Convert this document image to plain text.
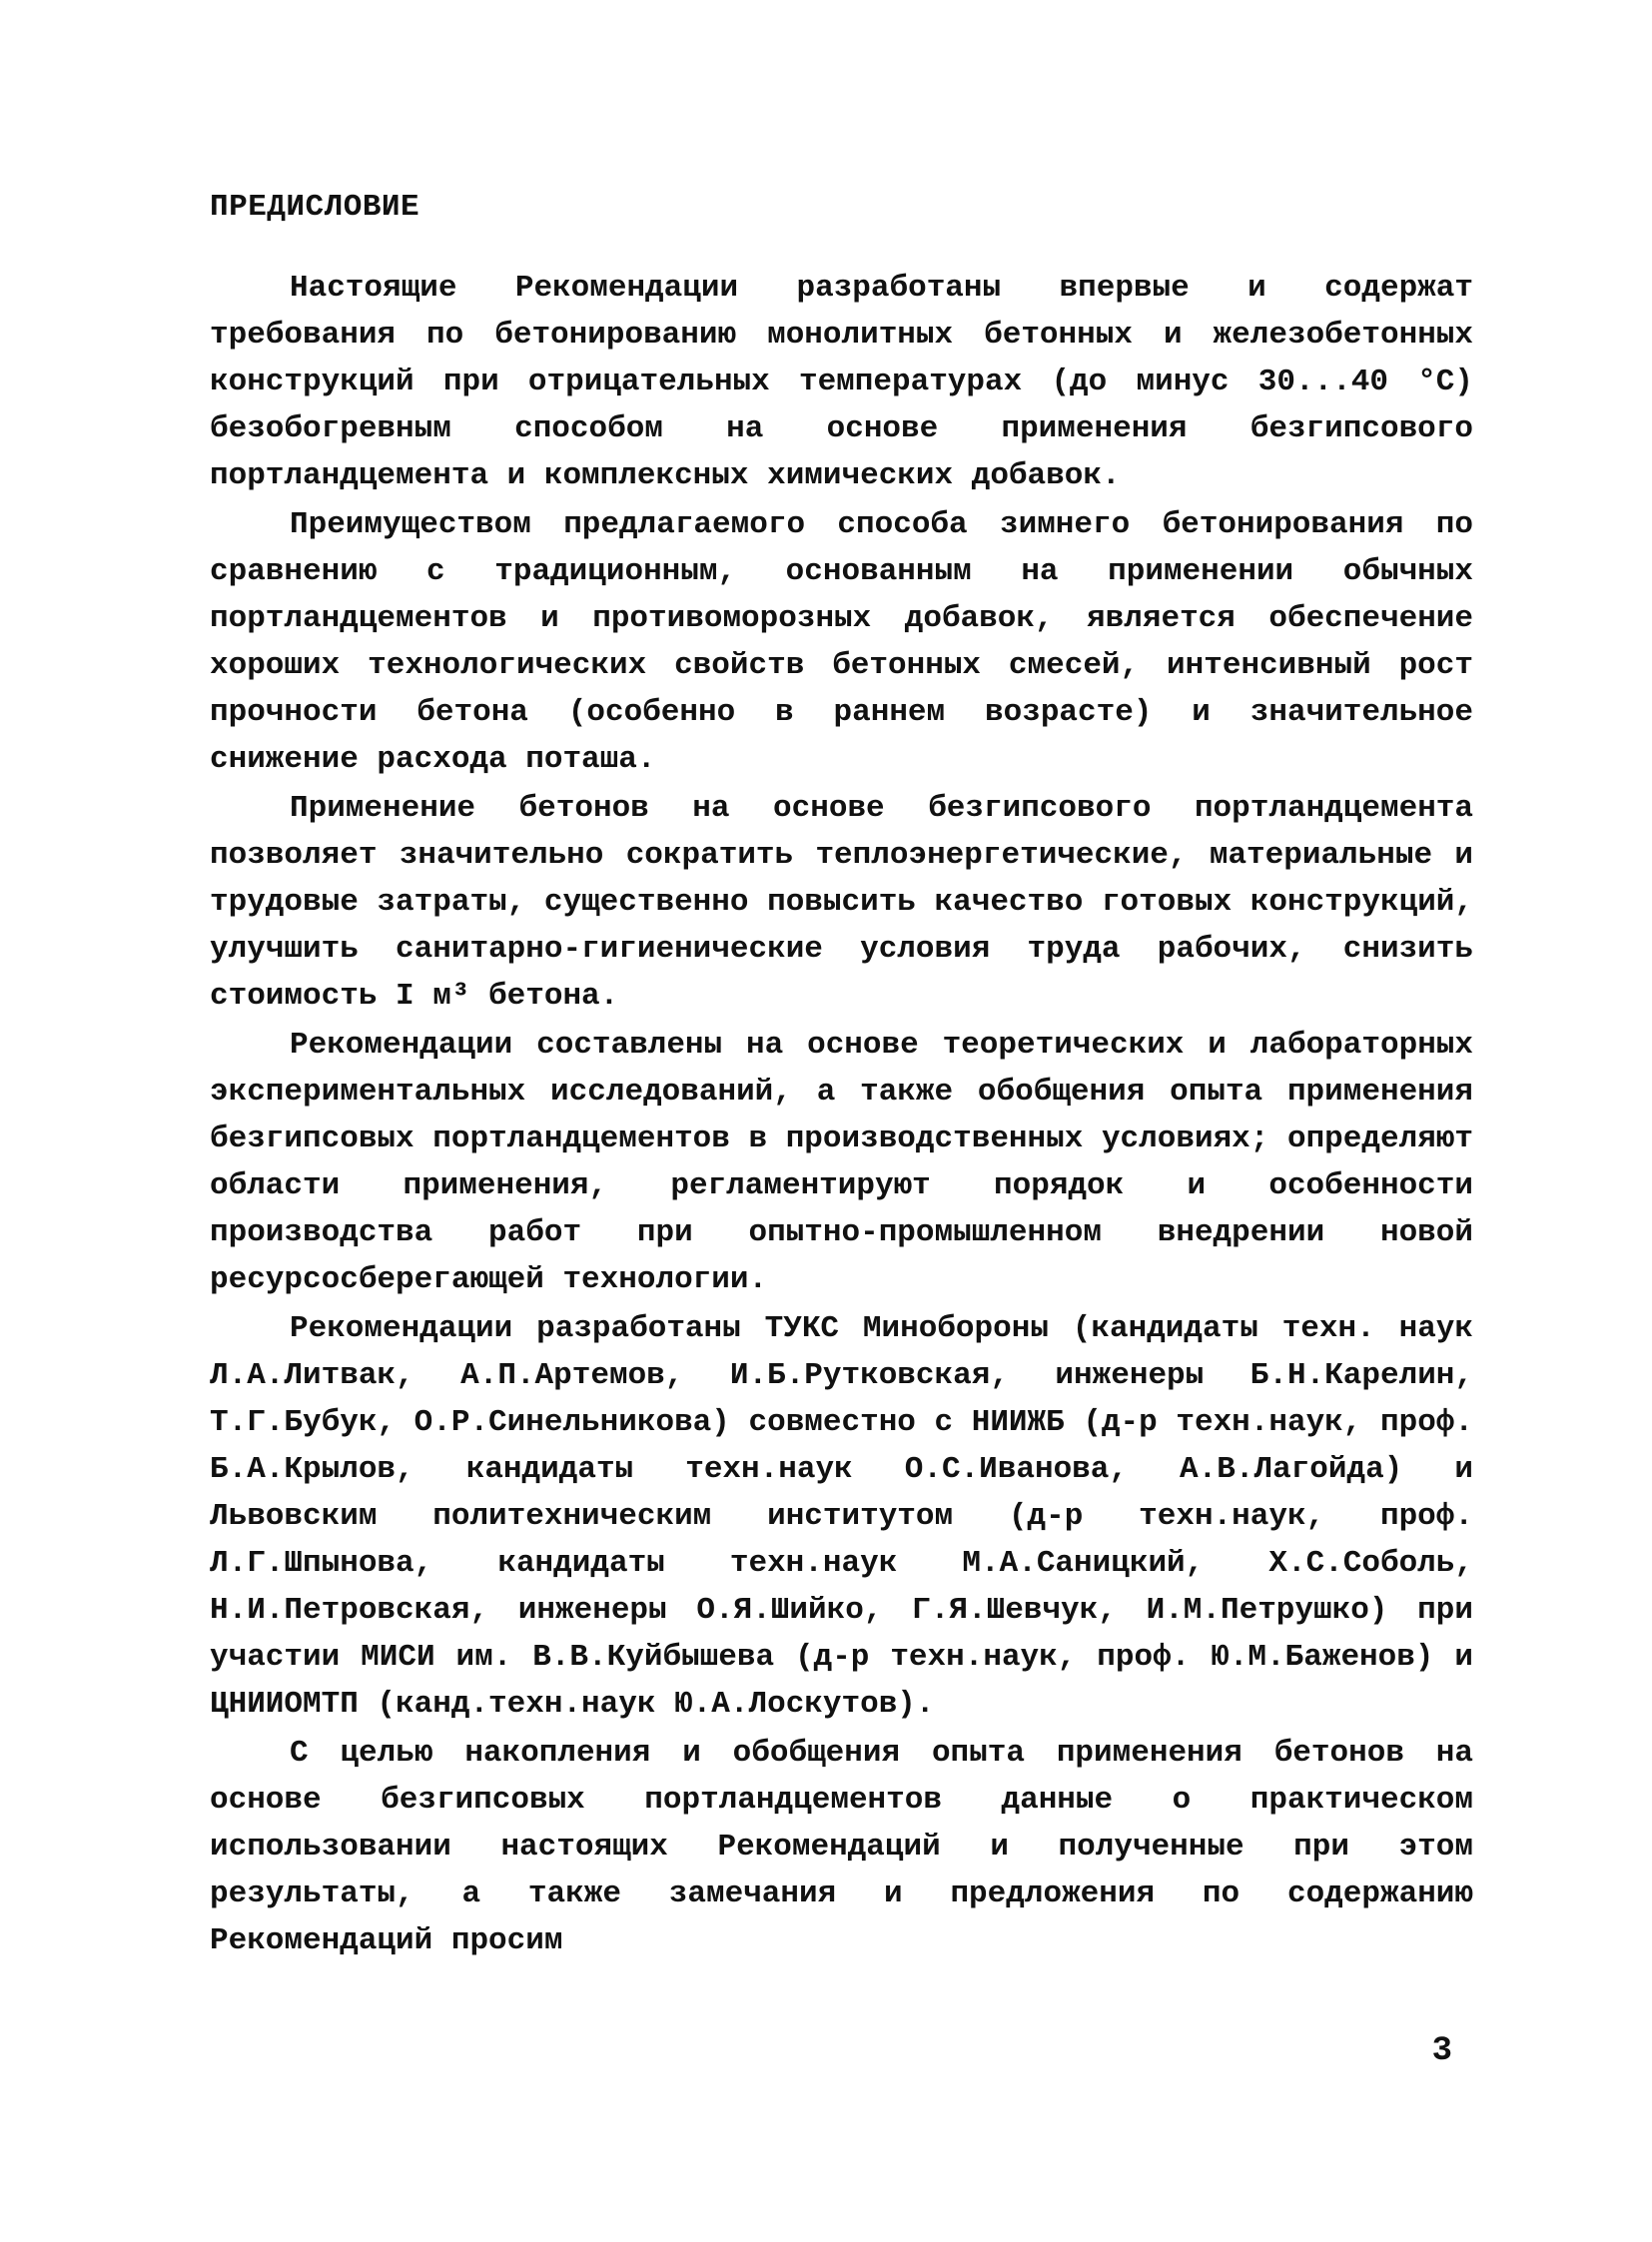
ПРЕДИСЛОВИЕ

Настоящие Рекомендации разработаны впервые и содержат требования по бетонированию монолитных бетонных и железобетонных конструкций при отрицательных температурах (до минус 30...40 °С) безобогревным способом на основе применения безгипсового портландцемента и комплексных химических добавок.

Преимуществом предлагаемого способа зимнего бетонирования по сравнению с традиционным, основанным на применении обычных портландцементов и противоморозных добавок, является обеспечение хороших технологических свойств бетонных смесей, интенсивный рост прочности бетона (особенно в раннем возрасте) и значительное снижение расхода поташа.

Применение бетонов на основе безгипсового портландцемента позволяет значительно сократить теплоэнергетические, материальные и трудовые затраты, существенно повысить качество готовых конструкций, улучшить санитарно-гигиенические условия труда рабочих, снизить стоимость I м³ бетона.

Рекомендации составлены на основе теоретических и лабораторных экспериментальных исследований, а также обобщения опыта применения безгипсовых портландцементов в производственных условиях; определяют области применения, регламентируют порядок и особенности производства работ при опытно-промышленном внедрении новой ресурсосберегающей технологии.

Рекомендации разработаны ТУКС Минобороны (кандидаты техн. наук Л.А.Литвак, А.П.Артемов, И.Б.Рутковская, инженеры Б.Н.Карелин, Т.Г.Бубук, О.Р.Синельникова) совместно с НИИЖБ (д-р техн.наук, проф. Б.А.Крылов, кандидаты техн.наук О.С.Иванова, А.В.Лагойда) и Львовским политехническим институтом (д-р техн.наук, проф. Л.Г.Шпынова, кандидаты техн.наук М.А.Саницкий, Х.С.Соболь, Н.И.Петровская, инженеры О.Я.Шийко, Г.Я.Шевчук, И.М.Петрушко) при участии МИСИ им. В.В.Куйбышева (д-р техн.наук, проф. Ю.М.Баженов) и ЦНИИОМТП (канд.техн.наук Ю.А.Лоскутов).

С целью накопления и обобщения опыта применения бетонов на основе безгипсовых портландцементов данные о практическом использовании настоящих Рекомендаций и полученные при этом результаты, а также замечания и предложения по содержанию Рекомендаций просим

3
